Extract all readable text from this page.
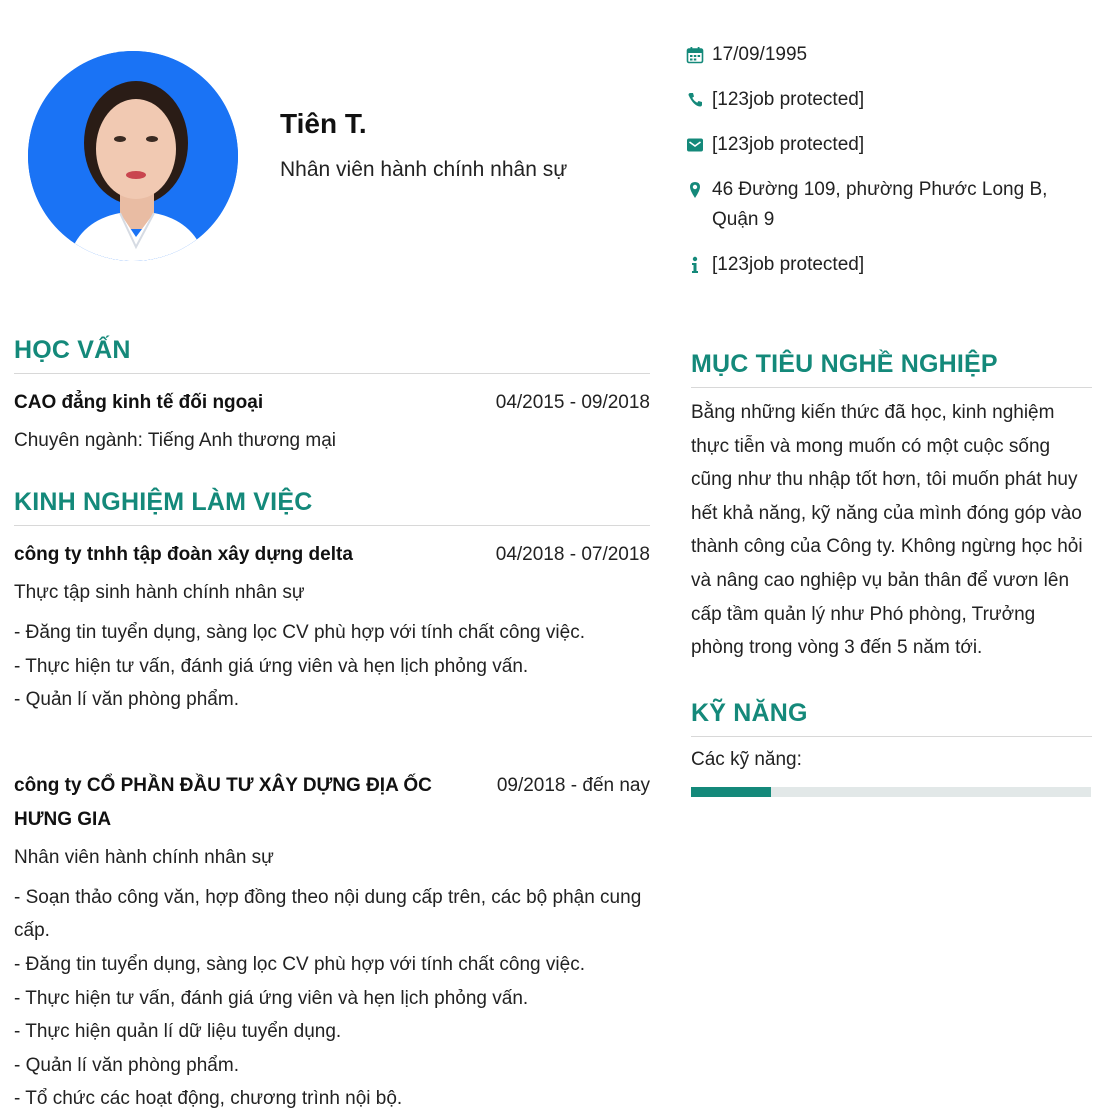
Tiên T.
Nhân viên hành chính nhân sự
17/09/1995
[123job protected]
[123job protected]
46 Đường 109, phường Phước Long B, Quận 9
[123job protected]
HỌC VẤN
CAO đẳng kinh tế đối ngoại	04/2015 - 09/2018
Chuyên ngành: Tiếng Anh thương mại
KINH NGHIỆM LÀM VIỆC
công ty tnhh tập đoàn xây dựng delta	04/2018 - 07/2018
Thực tập sinh hành chính nhân sự
- Đăng tin tuyển dụng, sàng lọc CV phù hợp với tính chất công việc.
- Thực hiện tư vấn, đánh giá ứng viên và hẹn lịch phỏng vấn.
- Quản lí văn phòng phẩm.
công ty CỔ PHẦN ĐẦU TƯ XÂY DỰNG ĐỊA ỐC HƯNG GIA
09/2018 - đến nay
Nhân viên hành chính nhân sự
- Soạn thảo công văn, hợp đồng theo nội dung cấp trên, các bộ phận cung cấp.
- Đăng tin tuyển dụng, sàng lọc CV phù hợp với tính chất công việc.
- Thực hiện tư vấn, đánh giá ứng viên và hẹn lịch phỏng vấn.
- Thực hiện quản lí dữ liệu tuyển dụng.
- Quản lí văn phòng phẩm.
- Tổ chức các hoạt động, chương trình nội bộ.
MỤC TIÊU NGHỀ NGHIỆP
Bằng những kiến thức đã học, kinh nghiệm thực tiễn và mong muốn có một cuộc sống cũng như thu nhập tốt hơn, tôi muốn phát huy hết khả năng, kỹ năng của mình đóng góp vào thành công của Công ty. Không ngừng học hỏi và nâng cao nghiệp vụ bản thân để vươn lên cấp tầm quản lý như Phó phòng, Trưởng phòng trong vòng 3 đến 5 năm tới.
KỸ NĂNG
Các kỹ năng:
